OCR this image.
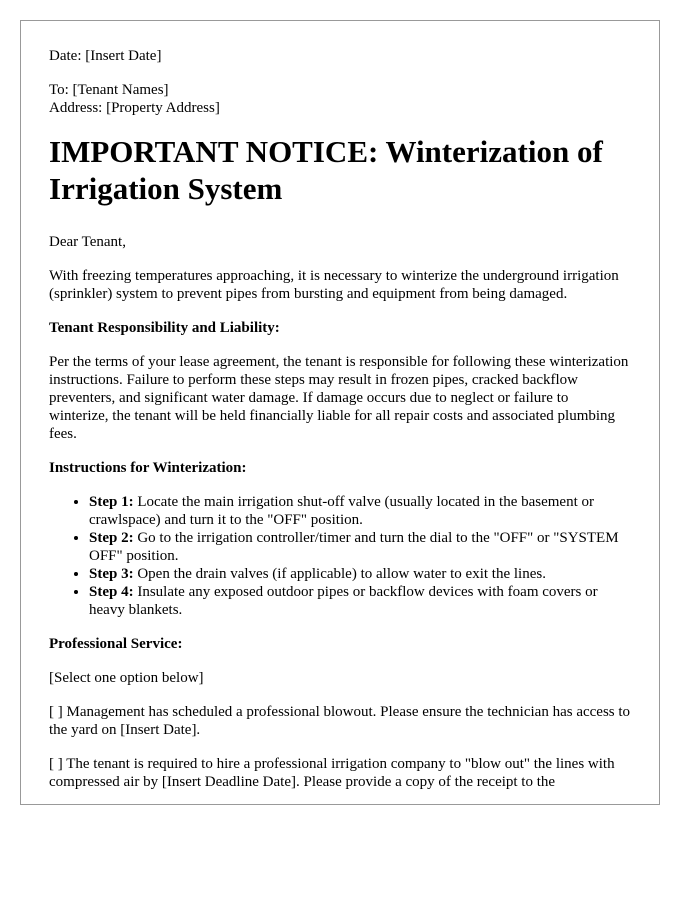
Date: [Insert Date]

To: [Tenant Names]
Address: [Property Address]
IMPORTANT NOTICE: Winterization of Irrigation System

Dear Tenant,

With freezing temperatures approaching, it is necessary to winterize the underground irrigation (sprinkler) system to prevent pipes from bursting and equipment from being damaged.

Tenant Responsibility and Liability:

Per the terms of your lease agreement, the tenant is responsible for following these winterization instructions. Failure to perform these steps may result in frozen pipes, cracked backflow preventers, and significant water damage. If damage occurs due to neglect or failure to winterize, the tenant will be held financially liable for all repair costs and associated plumbing fees.

Instructions for Winterization:

• Step 1: Locate the main irrigation shut-off valve (usually located in the basement or crawlspace) and turn it to the "OFF" position.
• Step 2: Go to the irrigation controller/timer and turn the dial to the "OFF" or "SYSTEM OFF" position.
• Step 3: Open the drain valves (if applicable) to allow water to exit the lines.
• Step 4: Insulate any exposed outdoor pipes or backflow devices with foam covers or heavy blankets.

Professional Service:

[Select one option below]

[ ] Management has scheduled a professional blowout. Please ensure the technician has access to the yard on [Insert Date].

[ ] The tenant is required to hire a professional irrigation company to "blow out" the lines with compressed air by [Insert Deadline Date]. Please provide a copy of the receipt to the
